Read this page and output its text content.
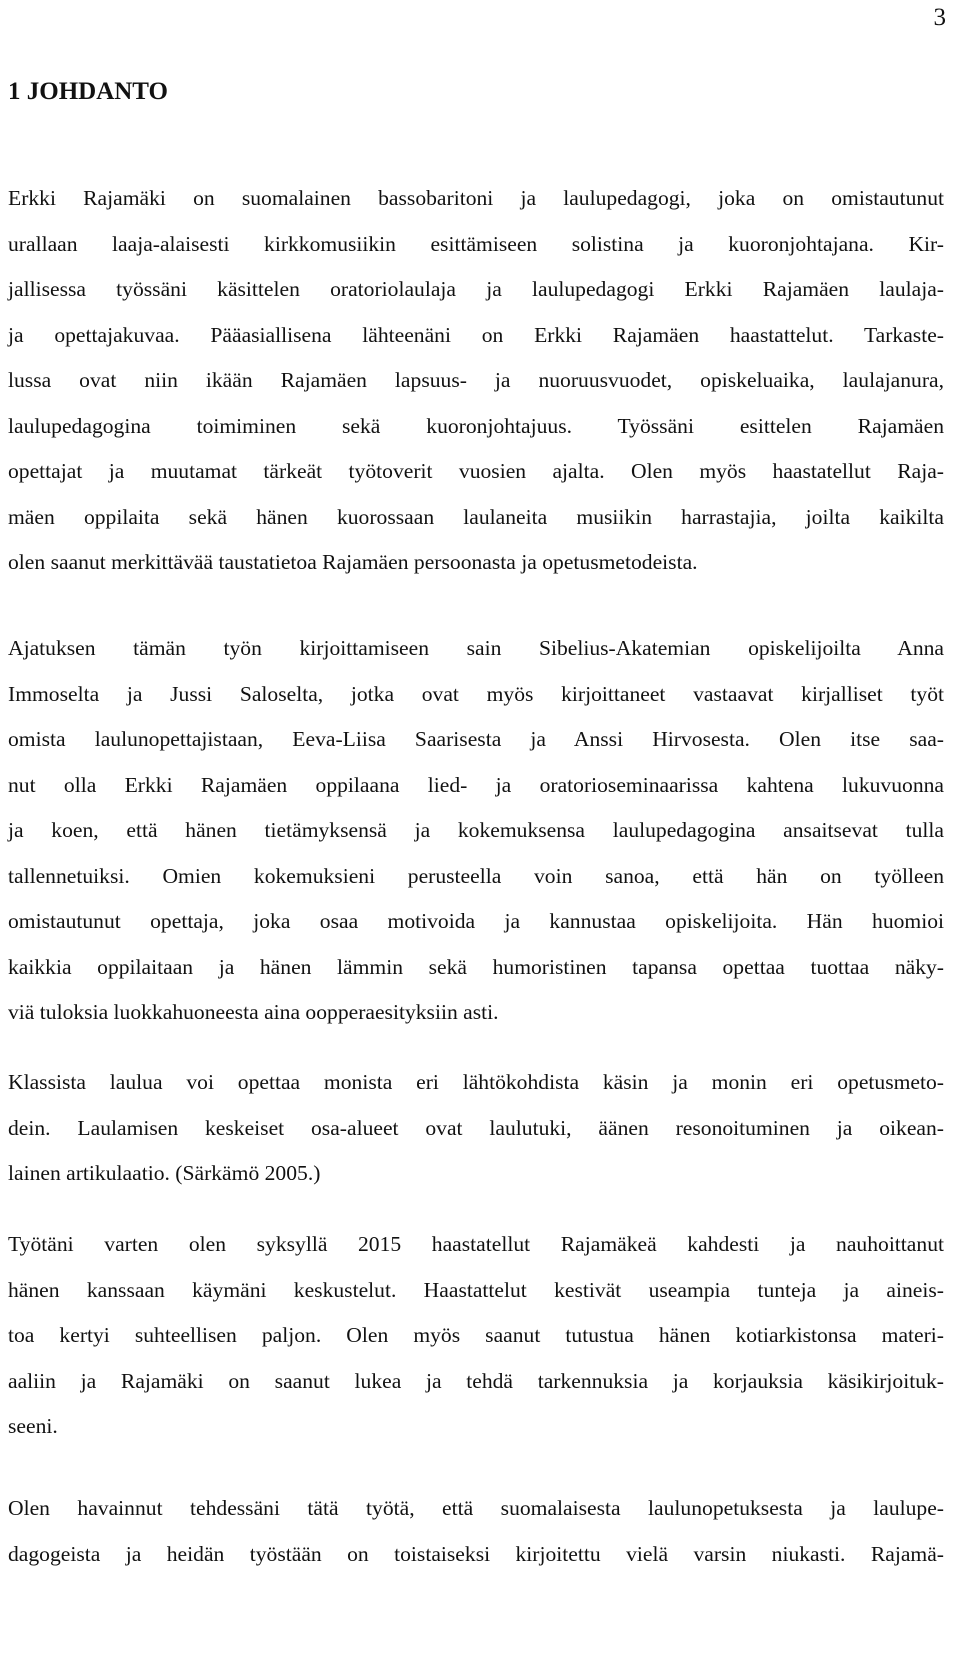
3
1 JOHDANTO
Erkki Rajamäki on suomalainen bassobaritoni ja laulupedagogi, joka on omistautunut
urallaan laaja-alaisesti kirkkomusiikin esittämiseen solistina ja kuoronjohtajana. Kir-
jallisessa työssäni käsittelen oratoriolaulaja ja laulupedagogi Erkki Rajamäen laulaja-
ja opettajakuvaa. Pääasiallisena lähteenäni on Erkki Rajamäen haastattelut. Tarkaste-
lussa ovat niin ikään Rajamäen lapsuus- ja nuoruusvuodet, opiskeluaika, laulajanura,
laulupedagogina toimiminen sekä kuoronjohtajuus. Työssäni esittelen Rajamäen
opettajat ja muutamat tärkeät työtoverit vuosien ajalta. Olen myös haastatellut Raja-
mäen oppilaita sekä hänen kuorossaan laulaneita musiikin harrastajia, joilta kaikilta
olen saanut merkittävää taustatietoa Rajamäen persoonasta ja opetusmetodeista.
Ajatuksen tämän työn kirjoittamiseen sain Sibelius-Akatemian opiskelijoilta Anna
Immoselta ja Jussi Saloselta, jotka ovat myös kirjoittaneet vastaavat kirjalliset työt
omista laulunopettajistaan, Eeva-Liisa Saarisesta ja Anssi Hirvosesta. Olen itse saa-
nut olla Erkki Rajamäen oppilaana lied- ja oratorioseminaarissa kahtena lukuvuonna
ja koen, että hänen tietämyksensä ja kokemuksensa laulupedagogina ansaitsevat tulla
tallennetuiksi. Omien kokemuksieni perusteella voin sanoa, että hän on työlleen
omistautunut opettaja, joka osaa motivoida ja kannustaa opiskelijoita. Hän huomioi
kaikkia oppilaitaan ja hänen lämmin sekä humoristinen tapansa opettaa tuottaa näky-
viä tuloksia luokkahuoneesta aina oopperaesityksiin asti.
Klassista laulua voi opettaa monista eri lähtökohdista käsin ja monin eri opetusmeto-
dein. Laulamisen keskeiset osa-alueet ovat laulutuki, äänen resonoituminen ja oikean-
lainen artikulaatio. (Särkämö 2005.)
Työtäni varten olen syksyllä 2015 haastatellut Rajamäkeä kahdesti ja nauhoittanut
hänen kanssaan käymäni keskustelut. Haastattelut kestivät useampia tunteja ja aineis-
toa kertyi suhteellisen paljon. Olen myös saanut tutustua hänen kotiarkistonsa materi-
aaliin ja Rajamäki on saanut lukea ja tehdä tarkennuksia ja korjauksia käsikirjoituk-
seeni.
Olen havainnut tehdessäni tätä työtä, että suomalaisesta laulunopetuksesta ja laulupe-
dagogeista ja heidän työstään on toistaiseksi kirjoitettu vielä varsin niukasti. Rajamä-
